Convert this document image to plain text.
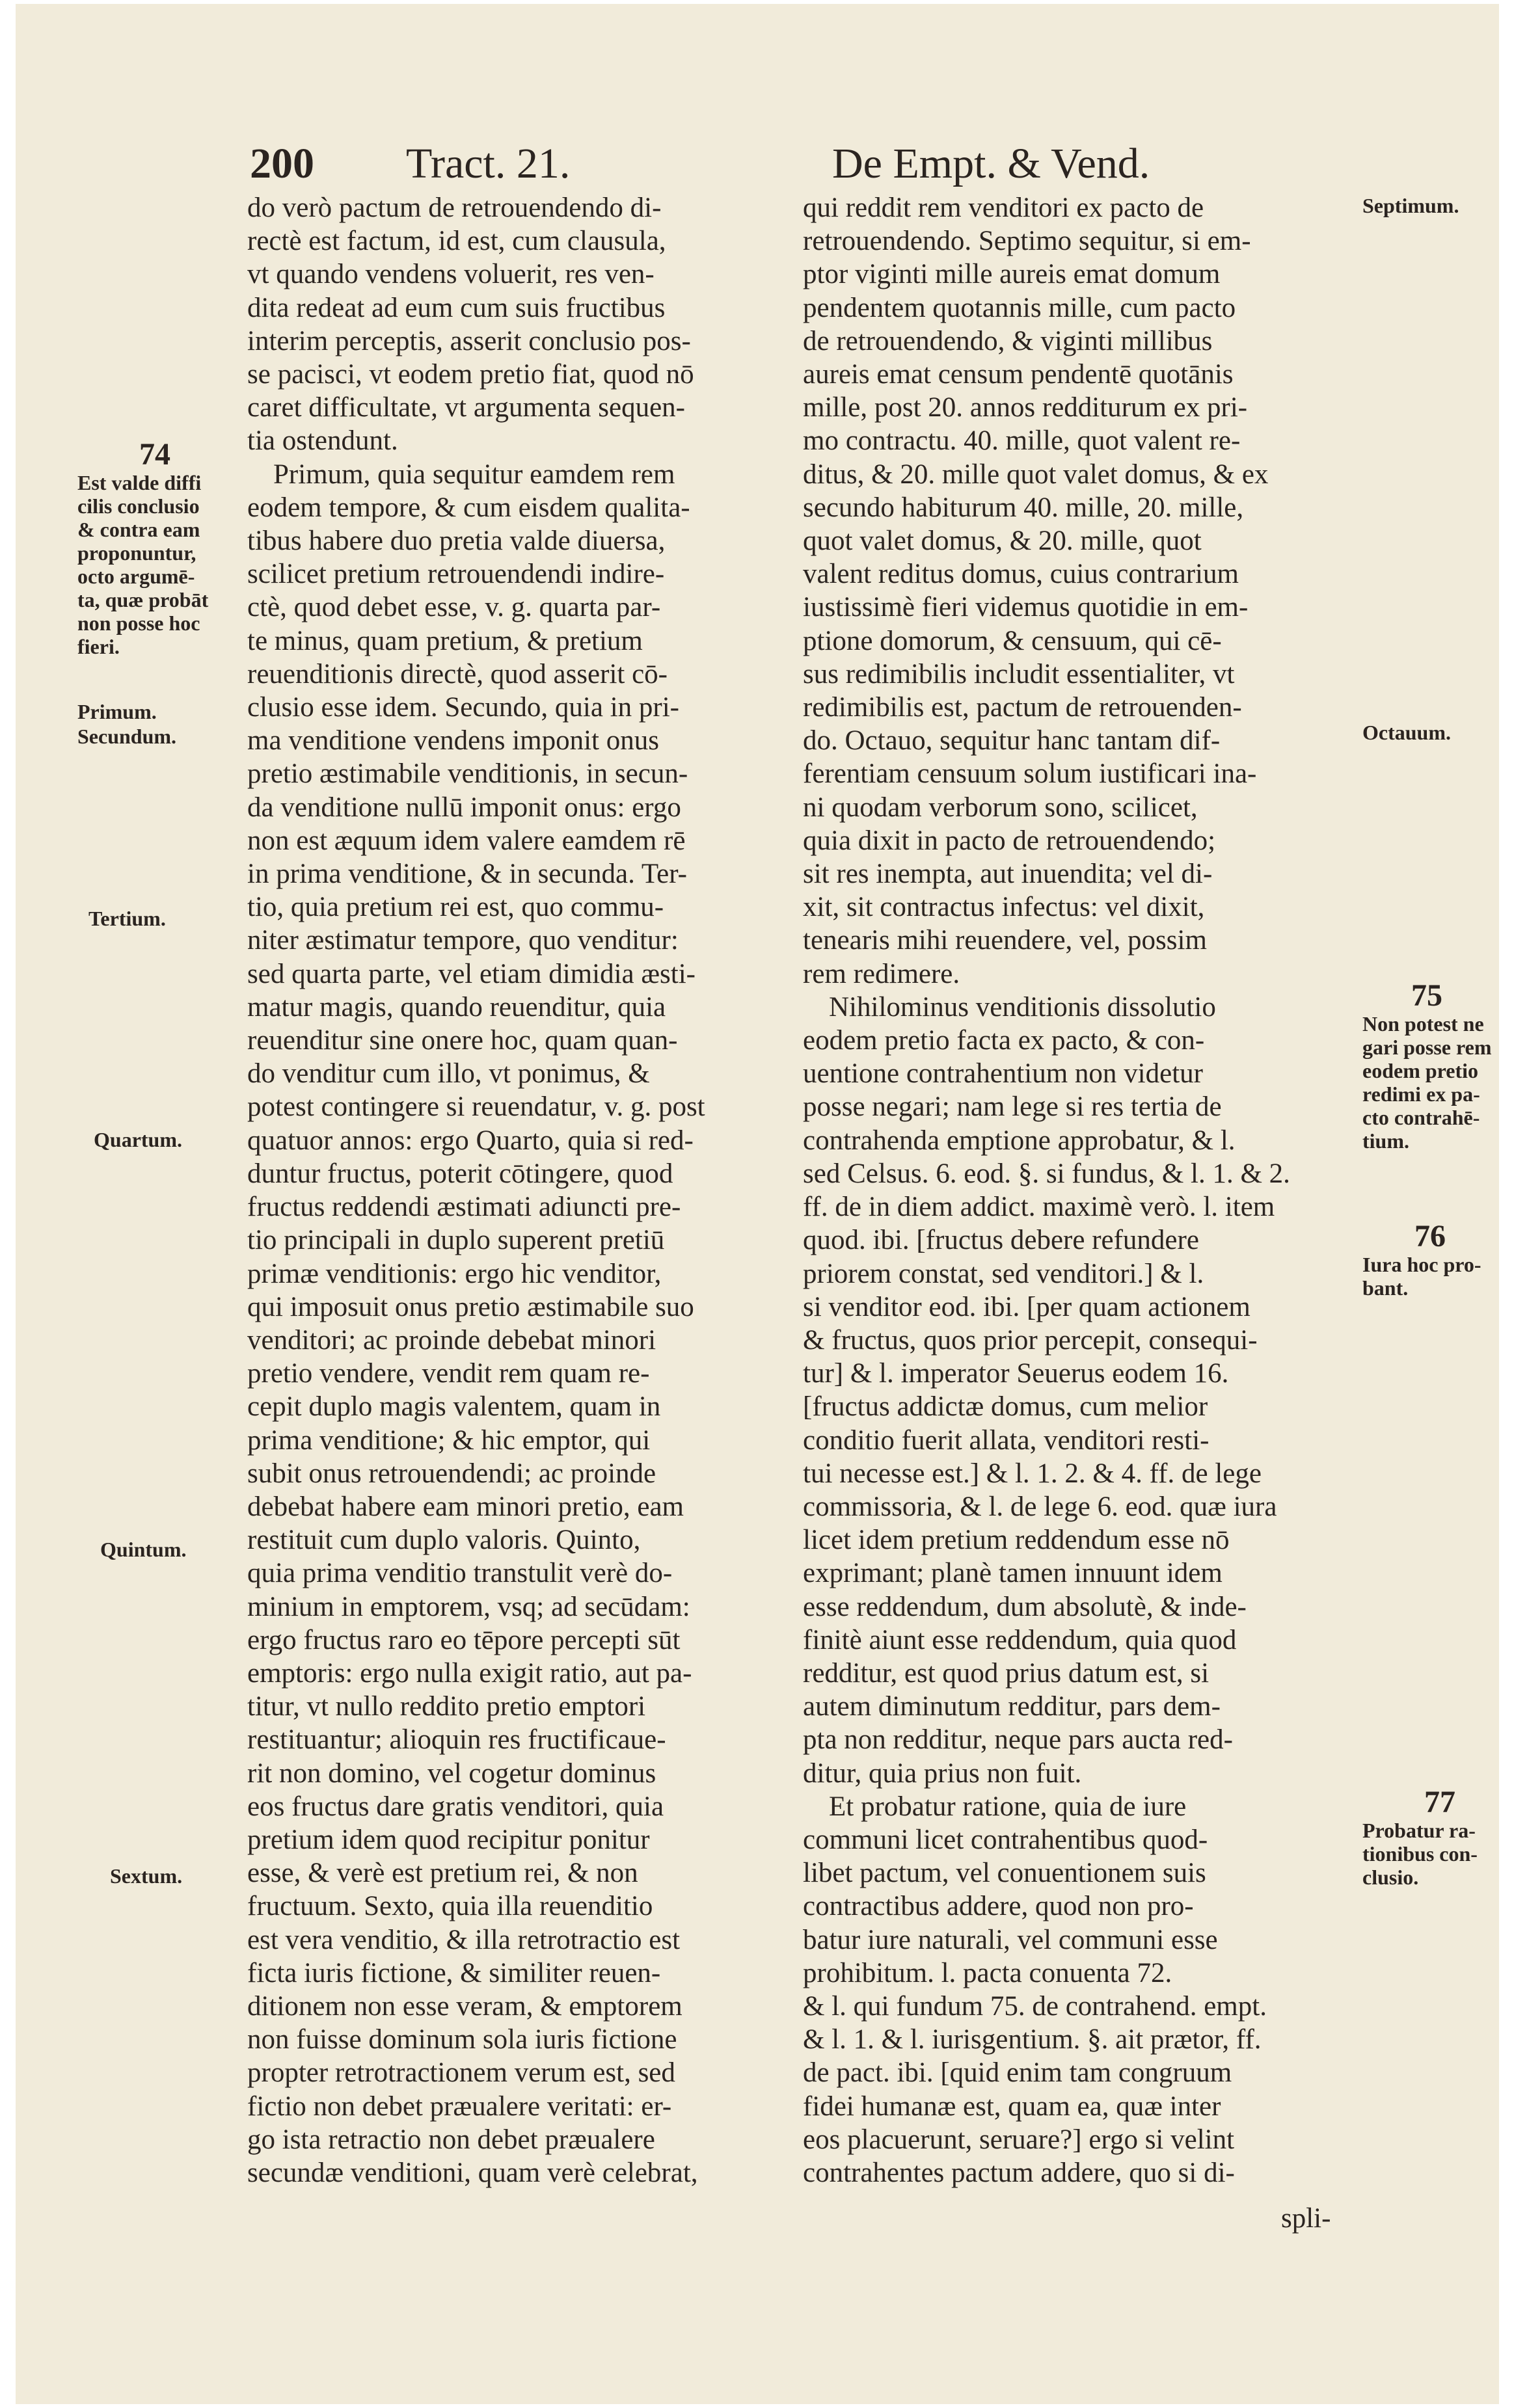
200 Tract. 21.	De Empt. & Vend.
74
Est valde diffi
cilis conclusio
& contra eam
proponuntur,
octo argumē-
ta, quæ probāt
non posse hoc
fieri.
Primum.
Secundum.
Tertium.
Quartum.
Quintum.
Sextum.
Septimum.
Octauum.
75
Non potest ne
gari posse rem
eodem pretio
redimi ex pa-
cto contrahē-
tium.
76
Iura hoc pro-
bant.
77
Probatur ra-
tionibus con-
clusio.
do verò pactum de retrouendendo di-
rectè est factum, id est, cum clausula,
vt quando vendens voluerit, res ven-
dita redeat ad eum cum suis fructibus
interim perceptis, asserit conclusio pos-
se pacisci, vt eodem pretio fiat, quod nō
caret difficultate, vt argumenta sequen-
tia ostendunt.
Primum, quia sequitur eamdem rem
eodem tempore, & cum eisdem qualita-
tibus habere duo pretia valde diuersa,
scilicet pretium retrouendendi indire-
ctè, quod debet esse, v. g. quarta par-
te minus, quam pretium, & pretium
reuenditionis directè, quod asserit cō-
clusio esse idem. Secundo, quia in pri-
ma venditione vendens imponit onus
pretio æstimabile venditionis, in secun-
da venditione nullū imponit onus: ergo
non est æquum idem valere eamdem rē
in prima venditione, & in secunda. Ter-
tio, quia pretium rei est, quo commu-
niter æstimatur tempore, quo venditur:
sed quarta parte, vel etiam dimidia æsti-
matur magis, quando reuenditur, quia
reuenditur sine onere hoc, quam quan-
do venditur cum illo, vt ponimus, &
potest contingere si reuendatur, v. g. post
quatuor annos: ergo Quarto, quia si red-
duntur fructus, poterit cōtingere, quod
fructus reddendi æstimati adiuncti pre-
tio principali in duplo superent pretiū
primæ venditionis: ergo hic venditor,
qui imposuit onus pretio æstimabile suo
venditori; ac proinde debebat minori
pretio vendere, vendit rem quam re-
cepit duplo magis valentem, quam in
prima venditione; & hic emptor, qui
subit onus retrouendendi; ac proinde
debebat habere eam minori pretio, eam
restituit cum duplo valoris. Quinto,
quia prima venditio transtulit verè do-
minium in emptorem, vsq; ad secūdam:
ergo fructus raro eo tēpore percepti sūt
emptoris: ergo nulla exigit ratio, aut pa-
titur, vt nullo reddito pretio emptori
restituantur; alioquin res fructificaue-
rit non domino, vel cogetur dominus
eos fructus dare gratis venditori, quia
pretium idem quod recipitur ponitur
esse, & verè est pretium rei, & non
fructuum. Sexto, quia illa reuenditio
est vera venditio, & illa retrotractio est
ficta iuris fictione, & similiter reuen-
ditionem non esse veram, & emptorem
non fuisse dominum sola iuris fictione
propter retrotractionem verum est, sed
fictio non debet præualere veritati: er-
go ista retractio non debet præualere
secundæ venditioni, quam verè celebrat,
qui reddit rem venditori ex pacto de
retrouendendo. Septimo sequitur, si em-
ptor viginti mille aureis emat domum
pendentem quotannis mille, cum pacto
de retrouendendo, & viginti millibus
aureis emat censum pendentē quotānis
mille, post 20. annos redditurum ex pri-
mo contractu. 40. mille, quot valent re-
ditus, & 20. mille quot valet domus, & ex
secundo habiturum 40. mille, 20. mille,
quot valet domus, & 20. mille, quot
valent reditus domus, cuius contrarium
iustissimè fieri videmus quotidie in em-
ptione domorum, & censuum, qui cē-
sus redimibilis includit essentialiter, vt
redimibilis est, pactum de retrouenden-
do. Octauo, sequitur hanc tantam dif-
ferentiam censuum solum iustificari ina-
ni quodam verborum sono, scilicet,
quia dixit in pacto de retrouendendo;
sit res inempta, aut inuendita; vel di-
xit, sit contractus infectus: vel dixit,
tenearis mihi reuendere, vel, possim
rem redimere.
Nihilominus venditionis dissolutio
eodem pretio facta ex pacto, & con-
uentione contrahentium non videtur
posse negari; nam lege si res tertia de
contrahenda emptione approbatur, & l.
sed Celsus. 6. eod. §. si fundus, & l. 1. & 2.
ff. de in diem addict. maximè verò. l. item
quod. ibi. [fructus debere refundere
priorem constat, sed venditori.] & l.
si venditor eod. ibi. [per quam actionem
& fructus, quos prior percepit, consequi-
tur] & l. imperator Seuerus eodem 16.
[fructus addictæ domus, cum melior
conditio fuerit allata, venditori resti-
tui necesse est.] & l. 1. 2. & 4. ff. de lege
commissoria, & l. de lege 6. eod. quæ iura
licet idem pretium reddendum esse nō
exprimant; planè tamen innuunt idem
esse reddendum, dum absolutè, & inde-
finitè aiunt esse reddendum, quia quod
redditur, est quod prius datum est, si
autem diminutum redditur, pars dem-
pta non redditur, neque pars aucta red-
ditur, quia prius non fuit.
Et probatur ratione, quia de iure
communi licet contrahentibus quod-
libet pactum, vel conuentionem suis
contractibus addere, quod non pro-
batur iure naturali, vel communi esse
prohibitum. l. pacta conuenta 72.
& l. qui fundum 75. de contrahend. empt.
& l. 1. & l. iurisgentium. §. ait prætor, ff.
de pact. ibi. [quid enim tam congruum
fidei humanæ est, quam ea, quæ inter
eos placuerunt, seruare?] ergo si velint
contrahentes pactum addere, quo si di-
spli-
